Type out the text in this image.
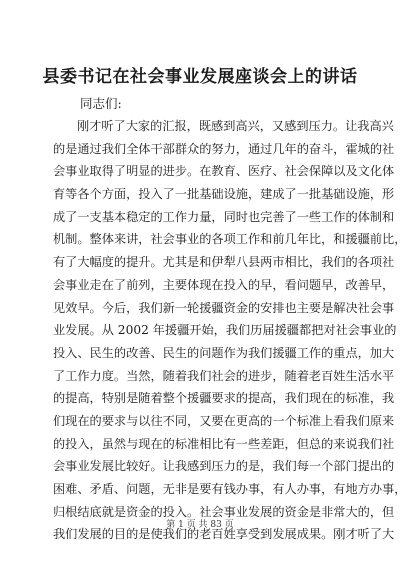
县委书记在社会事业发展座谈会上的讲话

同志们:

刚才听了大家的汇报，既感到高兴，又感到压力。让我高兴
的是通过我们全体干部群众的努力，通过几年的奋斗，霍城的社
会事业取得了明显的进步。在教育、医疗、社会保障以及文化体
育等各个方面，投入了一批基础设施，建成了一批基础设施，形
成了一支基本稳定的工作力量，同时也完善了一些工作的体制和
机制。整体来讲，社会事业的各项工作和前几年比，和援疆前比，
有了大幅度的提升。尤其是和伊犁八县两市相比，我们的各项社
会事业走在了前列，主要体现在投入的早，看问题早，改善早，
见效早。今后，我们新一轮援疆资金的安排也主要是解决社会事
业发展。从 2002 年援疆开始，我们历届援疆都把对社会事业的
投入、民生的改善、民生的问题作为我们援疆工作的重点，加大
了工作力度。当然，随着我们社会的进步，随着老百姓生活水平
的提高，特别是随着整个援疆要求的提高，我们现在的标准，我
们现在的要求与以往不同，又要在更高的一个标准上看我们原来
的投入，虽然与现在的标准相比有一些差距，但总的来说我们社
会事业发展比较好。让我感到压力的是，我们每一个部门提出的
困难、矛盾、问题，无非是要有钱办事，有人办事，有地方办事，
归根结底就是资金的投入。社会事业发展的资金是非常大的，但
我们发展的目的是使我们的老百姓享受到发展成果。刚才听了大

第 1 页 共 83 页
